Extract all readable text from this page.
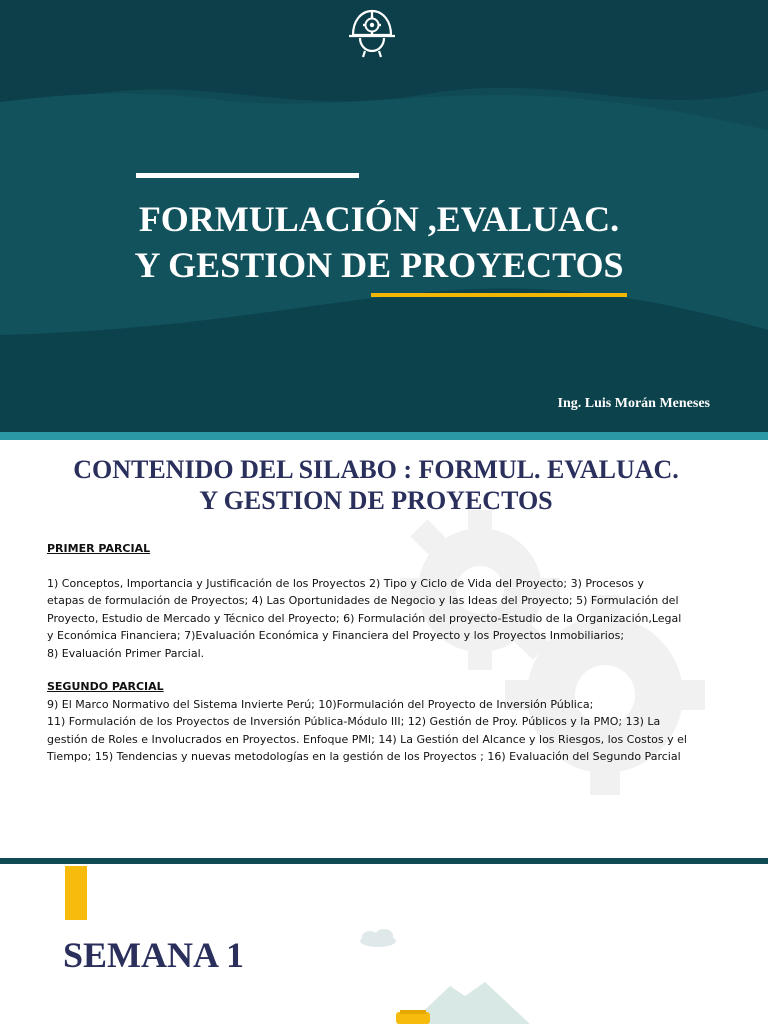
FORMULACIÓN ,EVALUAC.
Y GESTION DE PROYECTOS
Ing. Luis Morán Meneses
CONTENIDO DEL SILABO : FORMUL. EVALUAC.
Y GESTION DE PROYECTOS
PRIMER PARCIAL
1) Conceptos, Importancia y Justificación de los Proyectos 2) Tipo y Ciclo de Vida del Proyecto; 3) Procesos y
etapas de formulación de Proyectos; 4) Las Oportunidades de Negocio y las Ideas del Proyecto; 5) Formulación del
Proyecto, Estudio de Mercado y Técnico del Proyecto; 6) Formulación del proyecto-Estudio de la Organización,Legal
y Económica Financiera; 7)Evaluación Económica y Financiera del Proyecto y los Proyectos Inmobiliarios;
8) Evaluación Primer Parcial.
SEGUNDO PARCIAL
9) El Marco Normativo del Sistema Invierte Perú; 10)Formulación del Proyecto de Inversión Pública;
11) Formulación de los Proyectos de Inversión Pública-Módulo III; 12) Gestión de Proy. Públicos y la PMO; 13) La
gestión de Roles e Involucrados en Proyectos. Enfoque PMI; 14) La Gestión del Alcance y los Riesgos, los Costos y el
Tiempo; 15) Tendencias y nuevas metodologías en la gestión de los Proyectos ; 16) Evaluación del Segundo Parcial
SEMANA 1
